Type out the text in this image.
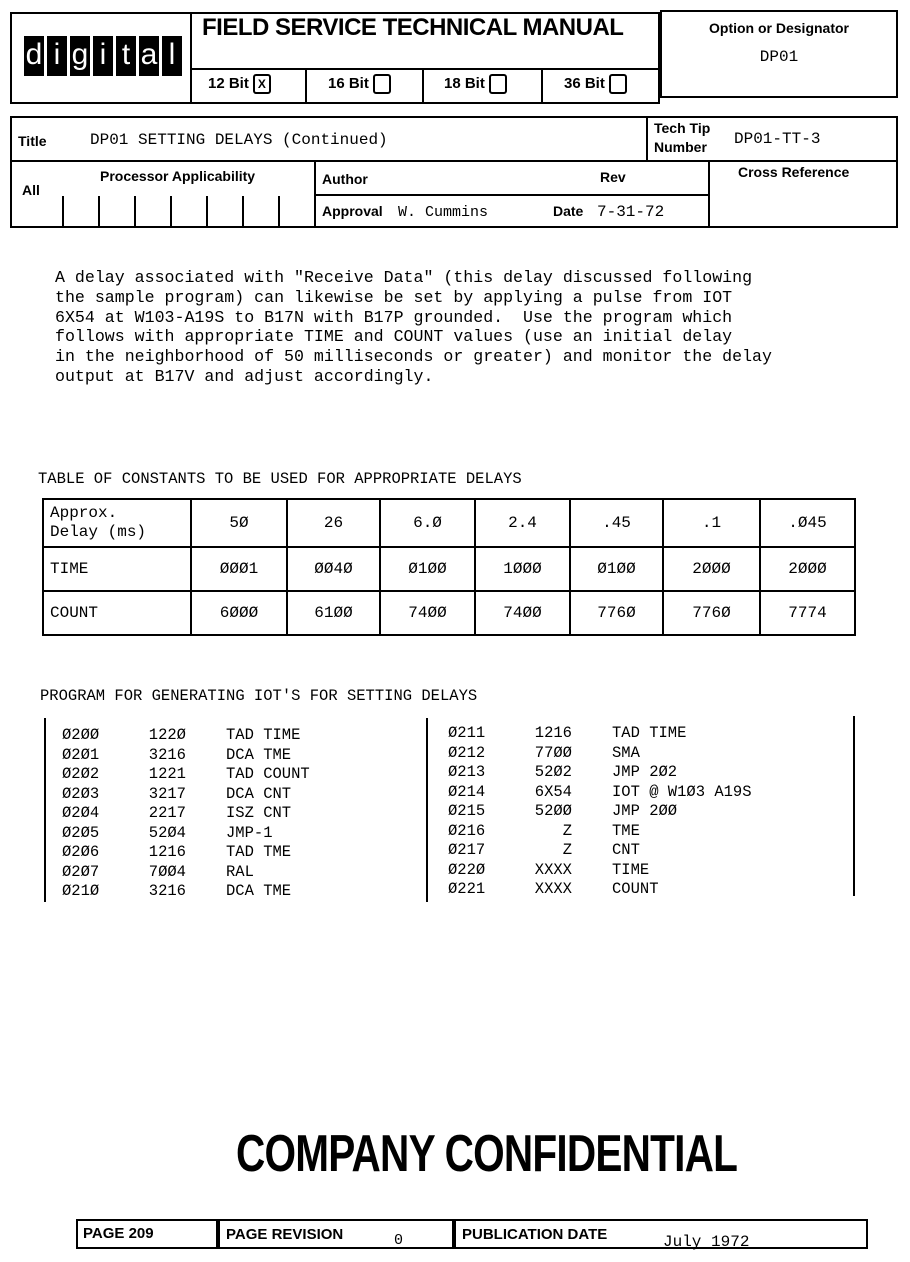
d i g i t a l
FIELD SERVICE TECHNICAL MANUAL
12 Bit X	16 Bit	18 Bit	36 Bit
Option or Designator
DP01
Title	DP01 SETTING DELAYS (Continued)
Tech Tip
Number DP01-TT-3
All
Processor Applicability	Author	Rev	Cross Reference
Approval W. Cummins	Date 7-31-72
A delay associated with "Receive Data" (this delay discussed following
the sample program) can likewise be set by applying a pulse from IOT
6X54 at W103-A19S to B17N with B17P grounded.  Use the program which
follows with appropriate TIME and COUNT values (use an initial delay
in the neighborhood of 50 milliseconds or greater) and monitor the delay
output at B17V and adjust accordingly.
TABLE OF CONSTANTS TO BE USED FOR APPROPRIATE DELAYS
Approx.
Delay (ms)	5Ø	26	6.Ø	2.4	.45	.1	.Ø45
TIME	ØØØ1	ØØ4Ø	Ø1ØØ	1ØØØ	Ø1ØØ	2ØØØ	2ØØØ
COUNT	6ØØØ	61ØØ	74ØØ	74ØØ	776Ø	776Ø	7774
PROGRAM FOR GENERATING IOT'S FOR SETTING DELAYS
Ø2ØØ	122Ø	TAD TIME
Ø2Ø1	3216	DCA TME
Ø2Ø2	1221	TAD COUNT
Ø2Ø3	3217	DCA CNT
Ø2Ø4	2217	ISZ CNT
Ø2Ø5	52Ø4	JMP-1
Ø2Ø6	1216	TAD TME
Ø2Ø7	7ØØ4	RAL
Ø21Ø	3216	DCA TME
Ø211	1216	TAD TIME
Ø212	77ØØ	SMA
Ø213	52Ø2	JMP 2Ø2
Ø214	6X54	IOT @ W1Ø3 A19S
Ø215	52ØØ	JMP 2ØØ
Ø216	Z	TME
Ø217	Z	CNT
Ø22Ø	XXXX	TIME
Ø221	XXXX	COUNT
COMPANY CONFIDENTIAL
PAGE 209	PAGE REVISION	0	PUBLICATION DATE	July 1972
